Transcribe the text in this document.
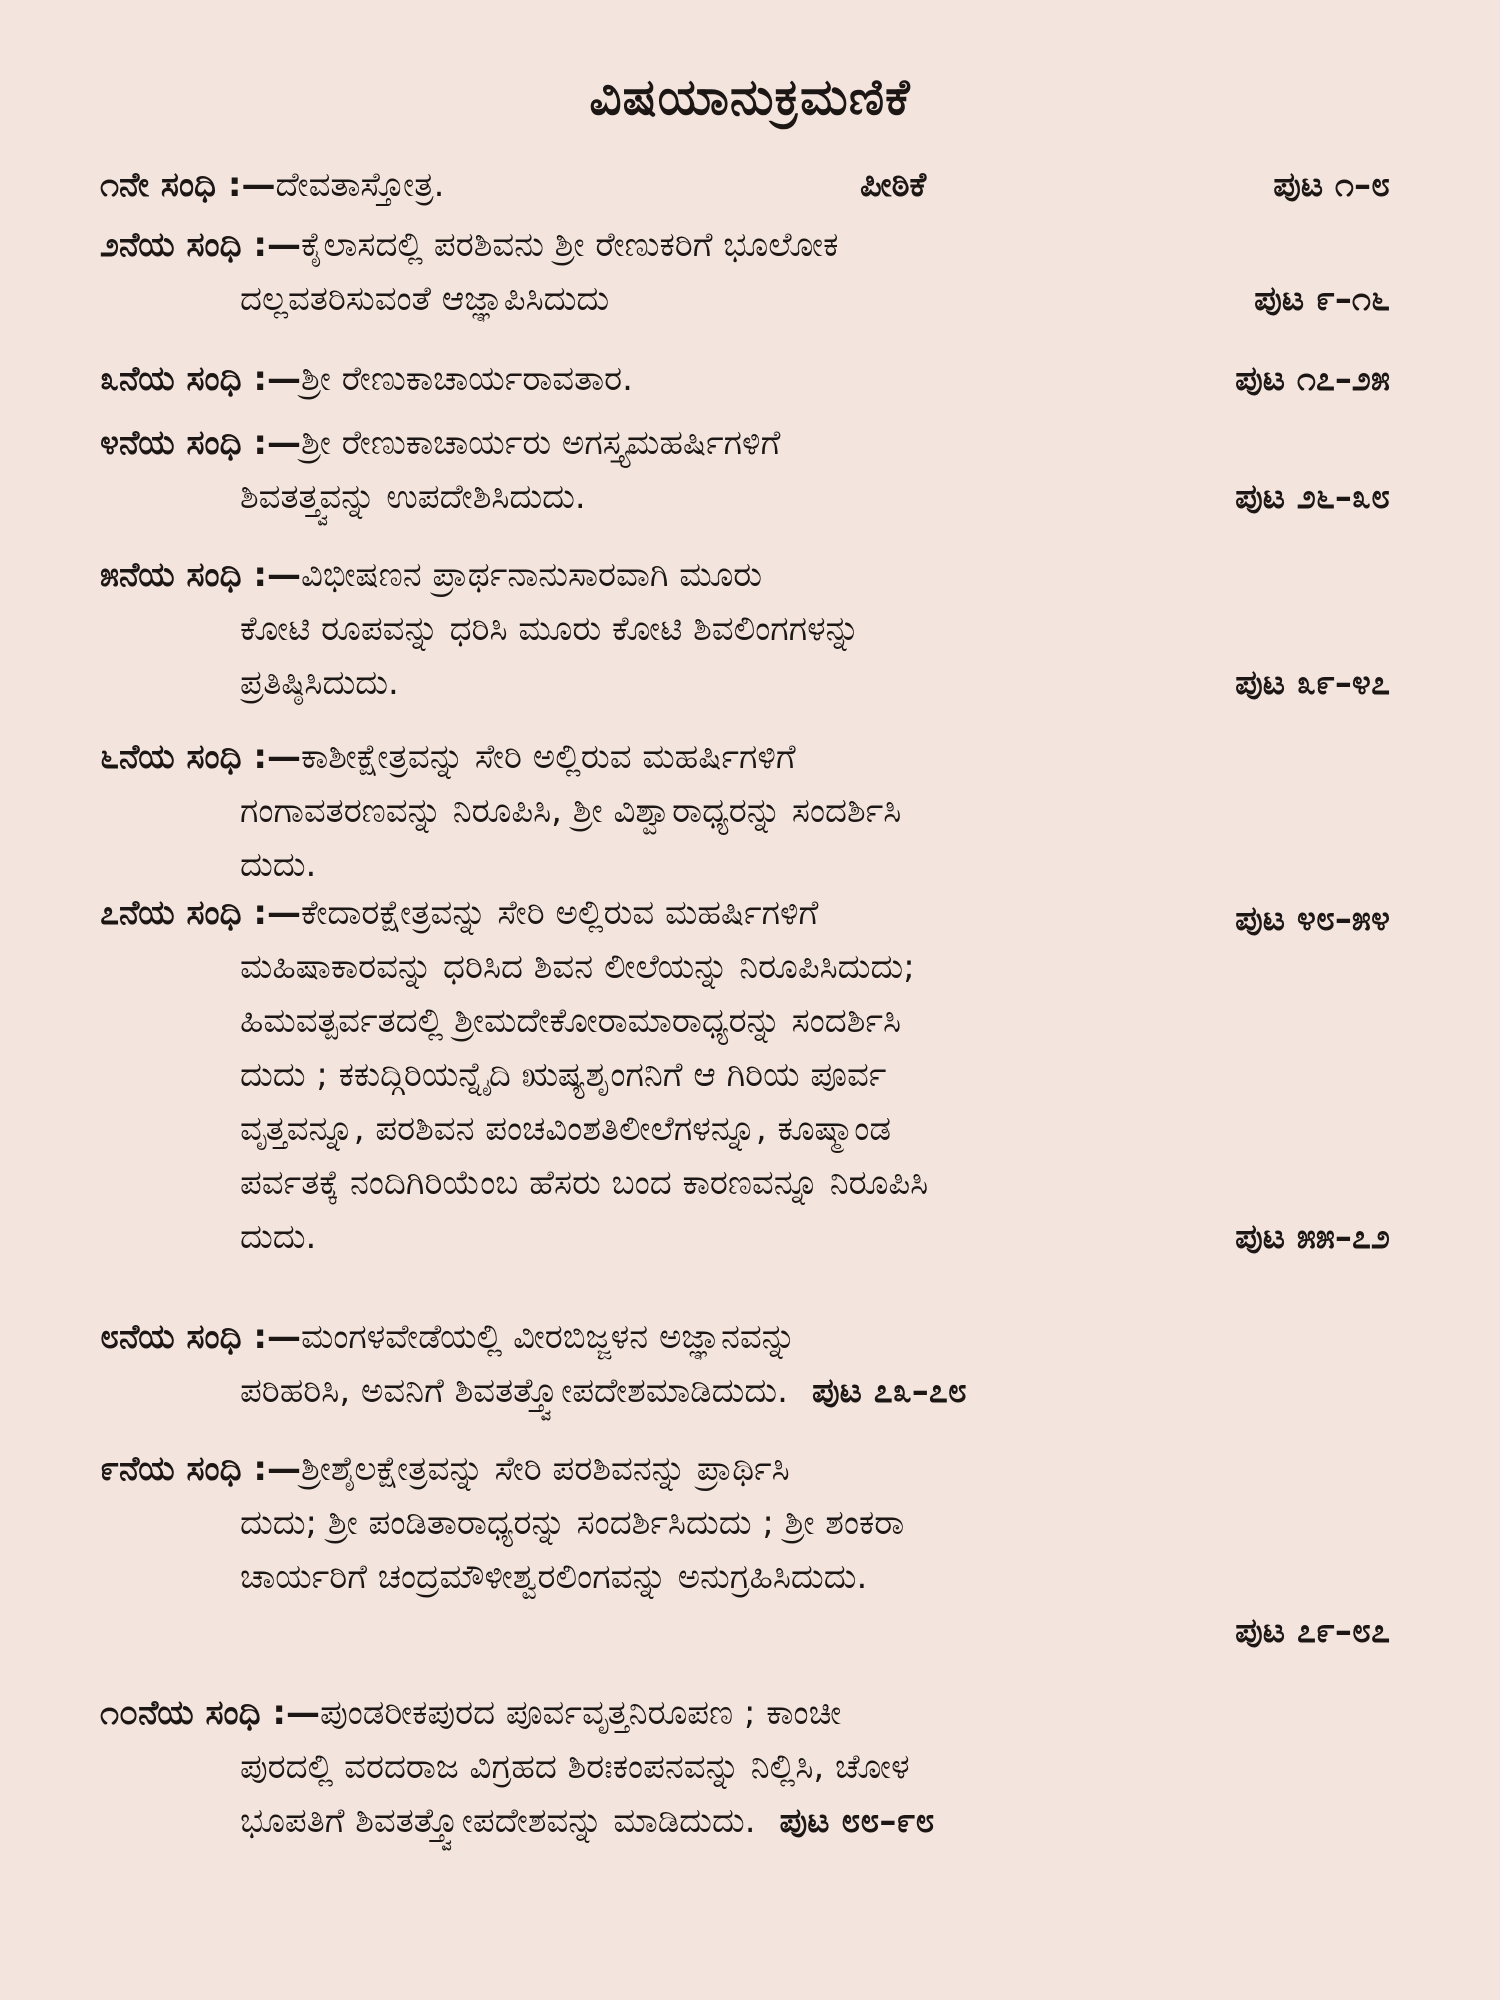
ವಿಷಯಾನುಕ್ರಮಣಿಕೆ
೧ನೇ ಸಂಧಿ :—ದೇವತಾಸ್ತೋತ್ರ.	ಪೀಠಿಕೆ	ಪುಟ ೧–೮
೨ನೆಯ ಸಂಧಿ :—ಕೈಲಾಸದಲ್ಲಿ ಪರಶಿವನು ಶ್ರೀ ರೇಣುಕರಿಗೆ ಭೂಲೋಕ
ದಲ್ಲವತರಿಸುವಂತೆ ಆಜ್ಞಾಪಿಸಿದುದು	ಪುಟ ೯–೧೬
೩ನೆಯ ಸಂಧಿ :—ಶ್ರೀ ರೇಣುಕಾಚಾರ್ಯರಾವತಾರ.	ಪುಟ ೧೭–೨೫
೪ನೆಯ ಸಂಧಿ :—ಶ್ರೀ ರೇಣುಕಾಚಾರ್ಯರು ಅಗಸ್ತ್ಯಮಹರ್ಷಿಗಳಿಗೆ
ಶಿವತತ್ತ್ವವನ್ನು ಉಪದೇಶಿಸಿದುದು.	ಪುಟ ೨೬–೩೮
೫ನೆಯ ಸಂಧಿ :—ವಿಭೀಷಣನ ಪ್ರಾರ್ಥನಾನುಸಾರವಾಗಿ ಮೂರು
ಕೋಟಿ ರೂಪವನ್ನು ಧರಿಸಿ ಮೂರು ಕೋಟಿ ಶಿವಲಿಂಗಗಳನ್ನು
ಪ್ರತಿಷ್ಠಿಸಿದುದು.	ಪುಟ ೩೯–೪೭
೬ನೆಯ ಸಂಧಿ :—ಕಾಶೀಕ್ಷೇತ್ರವನ್ನು ಸೇರಿ ಅಲ್ಲಿರುವ ಮಹರ್ಷಿಗಳಿಗೆ
ಗಂಗಾವತರಣವನ್ನು ನಿರೂಪಿಸಿ, ಶ್ರೀ ವಿಶ್ವಾರಾಧ್ಯರನ್ನು ಸಂದರ್ಶಿಸಿ
ದುದು.
ಪುಟ ೪೮–೫೪
೭ನೆಯ ಸಂಧಿ :—ಕೇದಾರಕ್ಷೇತ್ರವನ್ನು ಸೇರಿ ಅಲ್ಲಿರುವ ಮಹರ್ಷಿಗಳಿಗೆ
ಮಹಿಷಾಕಾರವನ್ನು ಧರಿಸಿದ ಶಿವನ ಲೀಲೆಯನ್ನು ನಿರೂಪಿಸಿದುದು;
ಹಿಮವತ್ಪರ್ವತದಲ್ಲಿ ಶ್ರೀಮದೇಕೋರಾಮಾರಾಧ್ಯರನ್ನು ಸಂದರ್ಶಿಸಿ
ದುದು ; ಕಕುದ್ಗಿರಿಯನ್ನೈದಿ ಋಷ್ಯಶೃಂಗನಿಗೆ ಆ ಗಿರಿಯ ಪೂರ್ವ
ವೃತ್ತವನ್ನೂ, ಪರಶಿವನ ಪಂಚವಿಂಶತಿಲೀಲೆಗಳನ್ನೂ, ಕೂಷ್ಮಾಂಡ
ಪರ್ವತಕ್ಕೆ ನಂದಿಗಿರಿಯೆಂಬ ಹೆಸರು ಬಂದ ಕಾರಣವನ್ನೂ ನಿರೂಪಿಸಿ
ದುದು.	ಪುಟ ೫೫–೭೨
೮ನೆಯ ಸಂಧಿ :—ಮಂಗಳವೇಡೆಯಲ್ಲಿ ವೀರಬಿಜ್ಜಳನ ಅಜ್ಞಾನವನ್ನು
ಪರಿಹರಿಸಿ, ಅವನಿಗೆ ಶಿವತತ್ತ್ವೋಪದೇಶಮಾಡಿದುದು. ಪುಟ ೭೩–೭೮
೯ನೆಯ ಸಂಧಿ :—ಶ್ರೀಶೈಲಕ್ಷೇತ್ರವನ್ನು ಸೇರಿ ಪರಶಿವನನ್ನು ಪ್ರಾರ್ಥಿಸಿ
ದುದು; ಶ್ರೀ ಪಂಡಿತಾರಾಧ್ಯರನ್ನು ಸಂದರ್ಶಿಸಿದುದು ; ಶ್ರೀ ಶಂಕರಾ
ಚಾರ್ಯರಿಗೆ ಚಂದ್ರಮೌಳೀಶ್ವರಲಿಂಗವನ್ನು ಅನುಗ್ರಹಿಸಿದುದು.
ಪುಟ ೭೯–೮೭
೧೦ನೆಯ ಸಂಧಿ :—ಪುಂಡರೀಕಪುರದ ಪೂರ್ವವೃತ್ತನಿರೂಪಣ ; ಕಾಂಚೀ
ಪುರದಲ್ಲಿ ವರದರಾಜ ವಿಗ್ರಹದ ಶಿರಃಕಂಪನವನ್ನು ನಿಲ್ಲಿಸಿ, ಚೋಳ
ಭೂಪತಿಗೆ ಶಿವತತ್ತ್ವೋಪದೇಶವನ್ನು ಮಾಡಿದುದು. ಪುಟ ೮೮–೯೮
